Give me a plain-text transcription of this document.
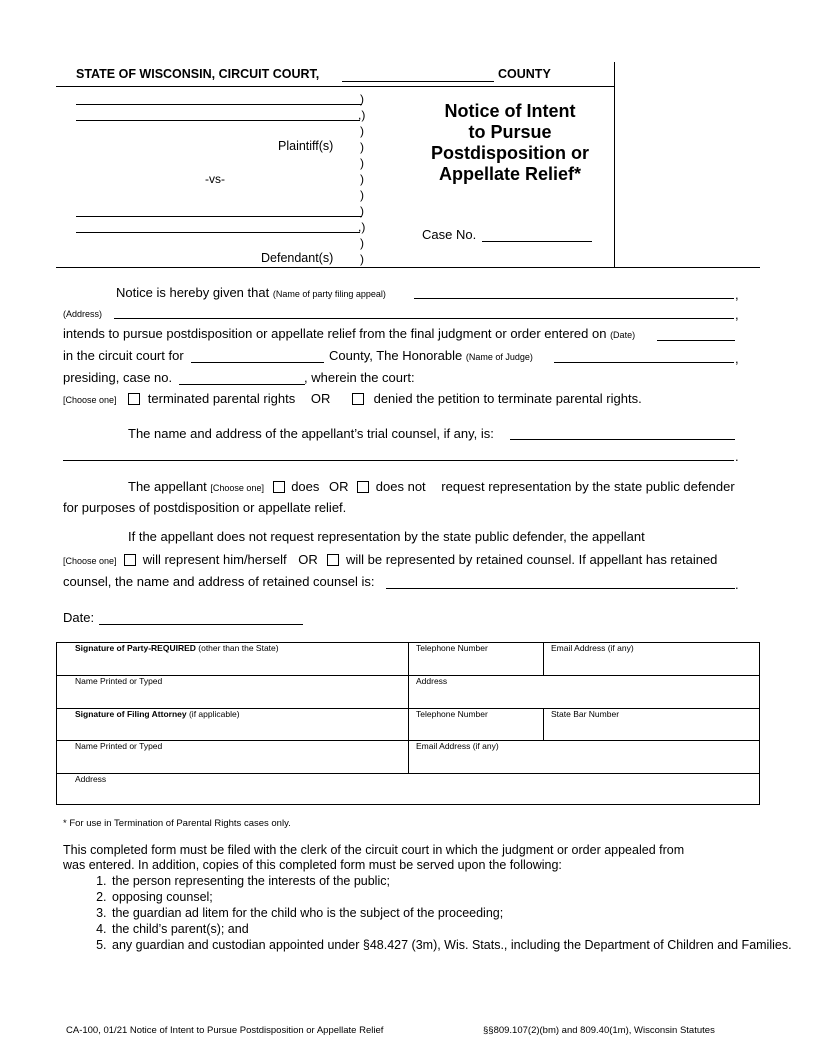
STATE OF WISCONSIN, CIRCUIT COURT,	COUNTY
Plaintiff(s)
-vs-
Defendant(s)
)
,)
)
)
)
)
)
)
,)
)
)
Notice of Intent
to Pursue
Postdisposition or
Appellate Relief*
Case No.
Notice is hereby given that (Name of party filing appeal)	,
(Address)	,
intends to pursue postdisposition or appellate relief from the final judgment or order entered on (Date)
in the circuit court for	County, The Honorable (Name of Judge)	,
presiding, case no.	, wherein the court:
[Choose one] terminated parental rights OR	denied the petition to terminate parental rights.
The name and address of the appellant’s trial counsel, if any, is:
.
The appellant [Choose one] does OR does not request representation by the state public defender
for purposes of postdisposition or appellate relief.
If the appellant does not request representation by the state public defender, the appellant
[Choose one] will represent him/herself OR will be represented by retained counsel. If appellant has retained
counsel, the name and address of retained counsel is:	.
Date:
Signature of Party-REQUIRED (other than the State)	Telephone Number	Email Address (if any)
Name Printed or Typed	Address
Signature of Filing Attorney (if applicable)	Telephone Number	State Bar Number
Name Printed or Typed	Email Address (if any)
Address
* For use in Termination of Parental Rights cases only.
This completed form must be filed with the clerk of the circuit court in which the judgment or order appealed from
was entered. In addition, copies of this completed form must be served upon the following:
1. the person representing the interests of the public;
2. opposing counsel;
3. the guardian ad litem for the child who is the subject of the proceeding;
4. the child’s parent(s); and
5. any guardian and custodian appointed under §48.427 (3m), Wis. Stats., including the Department of Children and Families.
CA-100, 01/21 Notice of Intent to Pursue Postdisposition or Appellate Relief	§§809.107(2)(bm) and 809.40(1m), Wisconsin Statutes
